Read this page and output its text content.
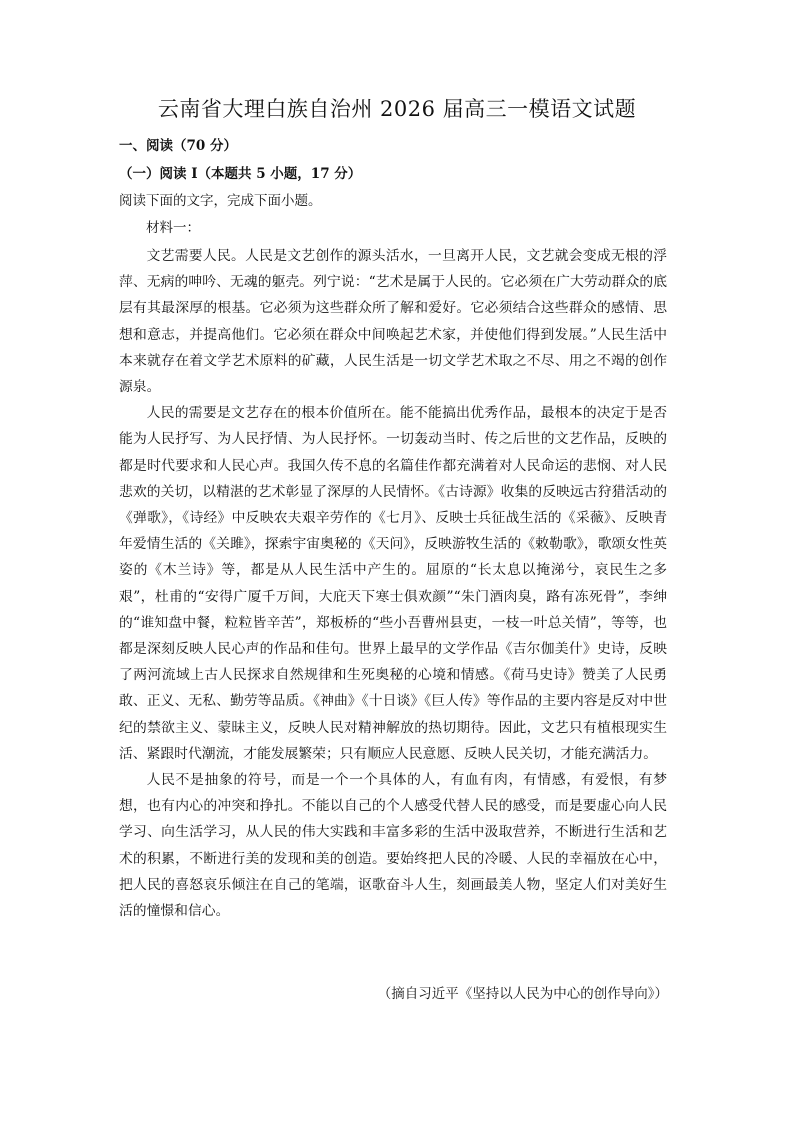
云南省大理白族自治州 2026 届高三一模语文试题

一、阅读（70 分）

（一）阅读 I（本题共 5 小题，17 分）

阅读下面的文字，完成下面小题。

材料一：

文艺需要人民。人民是文艺创作的源头活水，一旦离开人民，文艺就会变成无根的浮萍、无病的呻吟、无魂的躯壳。列宁说：“艺术是属于人民的。它必须在广大劳动群众的底层有其最深厚的根基。它必须为这些群众所了解和爱好。它必须结合这些群众的感情、思想和意志，并提高他们。它必须在群众中间唤起艺术家，并使他们得到发展。”人民生活中本来就存在着文学艺术原料的矿藏，人民生活是一切文学艺术取之不尽、用之不竭的创作源泉。

人民的需要是文艺存在的根本价值所在。能不能搞出优秀作品，最根本的决定于是否能为人民抒写、为人民抒情、为人民抒怀。一切轰动当时、传之后世的文艺作品，反映的都是时代要求和人民心声。我国久传不息的名篇佳作都充满着对人民命运的悲悯、对人民悲欢的关切，以精湛的艺术彰显了深厚的人民情怀。《古诗源》收集的反映远古狩猎活动的《弹歌》，《诗经》中反映农夫艰辛劳作的《七月》、反映士兵征战生活的《采薇》、反映青年爱情生活的《关雎》，探索宇宙奥秘的《天问》，反映游牧生活的《敕勒歌》，歌颂女性英姿的《木兰诗》等，都是从人民生活中产生的。屈原的“长太息以掩涕兮，哀民生之多艰”，杜甫的“安得广厦千万间，大庇天下寒士俱欢颜”“朱门酒肉臭，路有冻死骨”，李绅的“谁知盘中餐，粒粒皆辛苦”，郑板桥的“些小吾曹州县吏，一枝一叶总关情”，等等，也都是深刻反映人民心声的作品和佳句。世界上最早的文学作品《吉尔伽美什》史诗，反映了两河流域上古人民探求自然规律和生死奥秘的心境和情感。《荷马史诗》赞美了人民勇敢、正义、无私、勤劳等品质。《神曲》《十日谈》《巨人传》等作品的主要内容是反对中世纪的禁欲主义、蒙昧主义，反映人民对精神解放的热切期待。因此，文艺只有植根现实生活、紧跟时代潮流，才能发展繁荣；只有顺应人民意愿、反映人民关切，才能充满活力。

人民不是抽象的符号，而是一个一个具体的人，有血有肉，有情感，有爱恨，有梦想，也有内心的冲突和挣扎。不能以自己的个人感受代替人民的感受，而是要虚心向人民学习、向生活学习，从人民的伟大实践和丰富多彩的生活中汲取营养，不断进行生活和艺术的积累，不断进行美的发现和美的创造。要始终把人民的冷暖、人民的幸福放在心中，把人民的喜怒哀乐倾注在自己的笔端，讴歌奋斗人生，刻画最美人物，坚定人们对美好生活的憧憬和信心。

（摘自习近平《坚持以人民为中心的创作导向》）
